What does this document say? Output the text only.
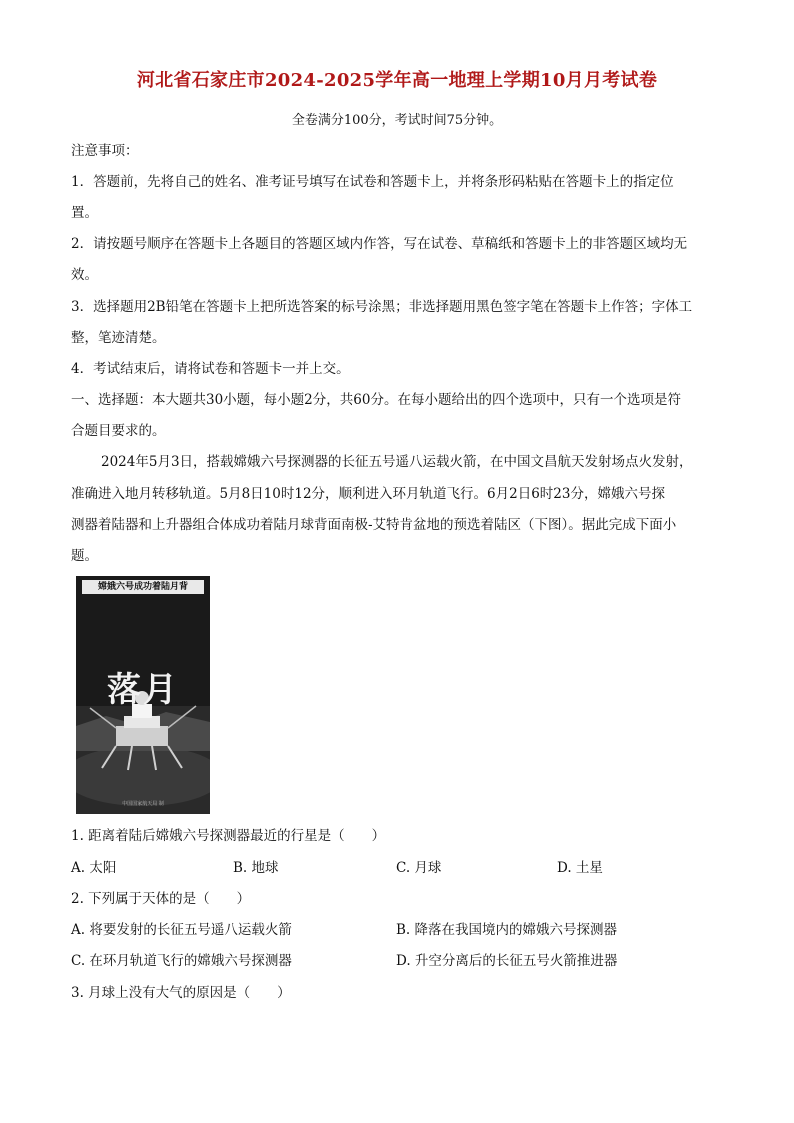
河北省石家庄市2024-2025学年高一地理上学期10月月考试卷
全卷满分100分，考试时间75分钟。
注意事项：
1．答题前，先将自己的姓名、准考证号填写在试卷和答题卡上，并将条形码粘贴在答题卡上的指定位
置。
2．请按题号顺序在答题卡上各题目的答题区域内作答，写在试卷、草稿纸和答题卡上的非答题区域均无
效。
3．选择题用2B铅笔在答题卡上把所选答案的标号涂黑；非选择题用黑色签字笔在答题卡上作答；字体工
整，笔迹清楚。
4．考试结束后，请将试卷和答题卡一并上交。
一、选择题：本大题共30小题，每小题2分，共60分。在每小题给出的四个选项中，只有一个选项是符
合题目要求的。
2024年5月3日，搭载嫦娥六号探测器的长征五号遥八运载火箭，在中国文昌航天发射场点火发射，
准确进入地月转移轨道。5月8日10时12分，顺利进入环月轨道飞行。6月2日6时23分，嫦娥六号探
测器着陆器和上升器组合体成功着陆月球背面南极-艾特肯盆地的预选着陆区（下图）。据此完成下面小
题。
嫦娥六号成功着陆月背
落月
中国国家航天局 制
1. 距离着陆后嫦娥六号探测器最近的行星是（　　）
A. 太阳	B. 地球	C. 月球	D. 土星
2. 下列属于天体的是（　　）
A. 将要发射的长征五号遥八运载火箭	B. 降落在我国境内的嫦娥六号探测器
C. 在环月轨道飞行的嫦娥六号探测器	D. 升空分离后的长征五号火箭推进器
3. 月球上没有大气的原因是（　　）
